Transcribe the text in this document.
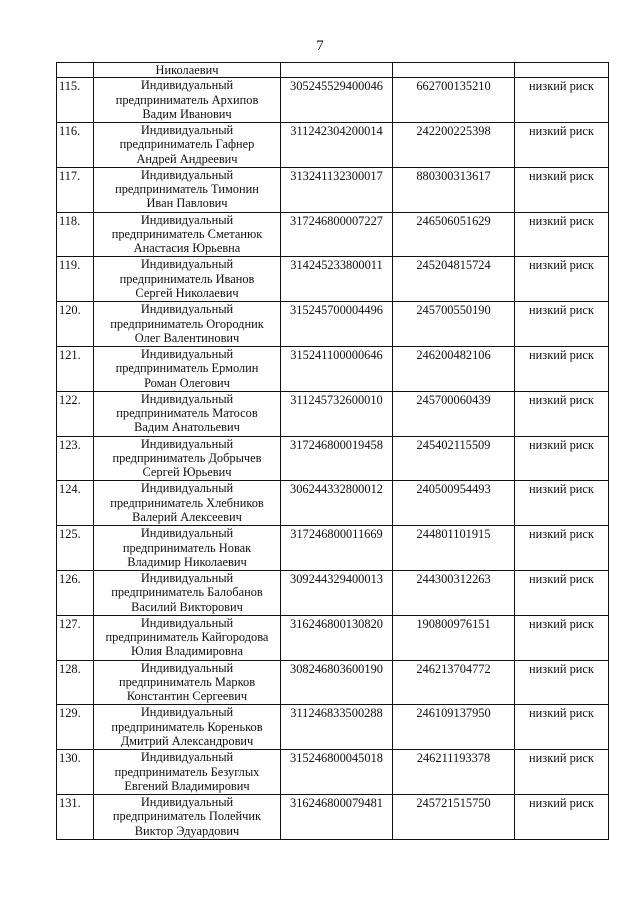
7

	Николаевич			

115.	Индивидуальный
предприниматель Архипов
Вадим Иванович	305245529400046	662700135210	низкий риск

116.	Индивидуальный
предприниматель Гафнер
Андрей Андреевич	311242304200014	242200225398	низкий риск

117.	Индивидуальный
предприниматель Тимонин
Иван Павлович	313241132300017	880300313617	низкий риск

118.	Индивидуальный
предприниматель Сметанюк
Анастасия Юрьевна	317246800007227	246506051629	низкий риск

119.	Индивидуальный
предприниматель Иванов
Сергей Николаевич	314245233800011	245204815724	низкий риск

120.	Индивидуальный
предприниматель Огородник
Олег Валентинович	315245700004496	245700550190	низкий риск

121.	Индивидуальный
предприниматель Ермолин
Роман Олегович	315241100000646	246200482106	низкий риск

122.	Индивидуальный
предприниматель Матосов
Вадим Анатольевич	311245732600010	245700060439	низкий риск

123.	Индивидуальный
предприниматель Добрычев
Сергей Юрьевич	317246800019458	245402115509	низкий риск

124.	Индивидуальный
предприниматель Хлебников
Валерий Алексеевич	306244332800012	240500954493	низкий риск

125.	Индивидуальный
предприниматель Новак
Владимир Николаевич	317246800011669	244801101915	низкий риск

126.	Индивидуальный
предприниматель Балобанов
Василий Викторович	309244329400013	244300312263	низкий риск

127.	Индивидуальный
предприниматель Кайгородова
Юлия Владимировна	316246800130820	190800976151	низкий риск

128.	Индивидуальный
предприниматель Марков
Константин Сергеевич	308246803600190	246213704772	низкий риск

129.	Индивидуальный
предприниматель Кореньков
Дмитрий Александрович	311246833500288	246109137950	низкий риск

130.	Индивидуальный
предприниматель Безуглых
Евгений Владимирович	315246800045018	246211193378	низкий риск

131.	Индивидуальный
предприниматель Полейчик
Виктор Эдуардович	316246800079481	245721515750	низкий риск
